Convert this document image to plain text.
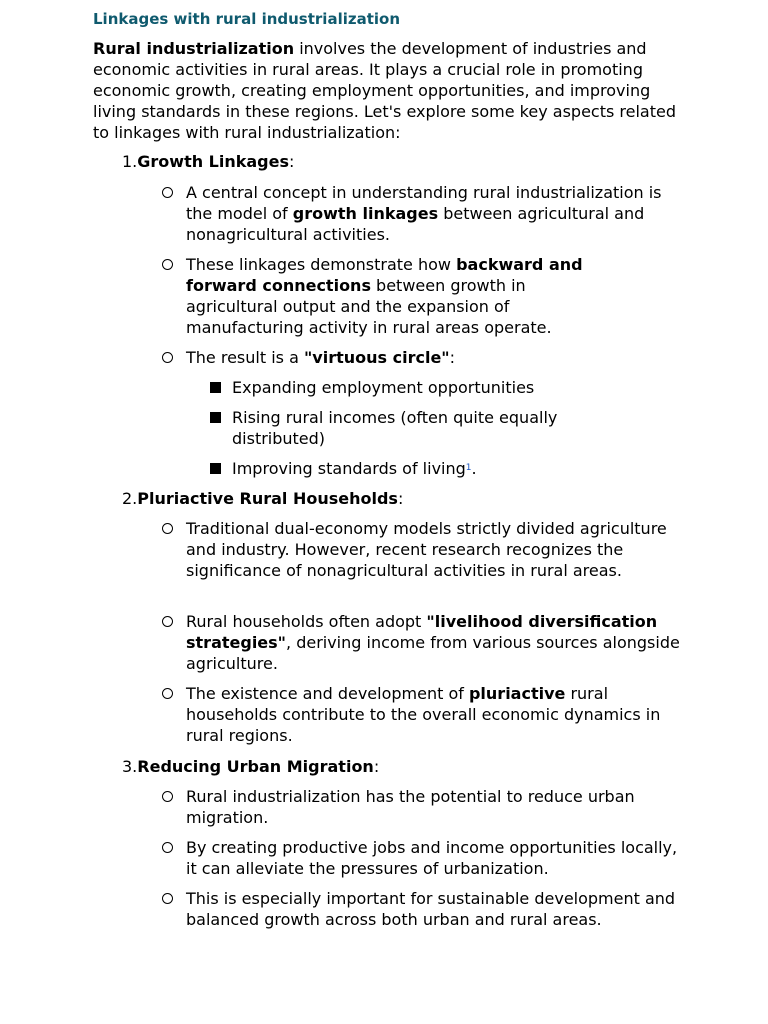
Linkages with rural industrialization

Rural industrialization involves the development of industries and economic activities in rural areas. It plays a crucial role in promoting economic growth, creating employment opportunities, and improving living standards in these regions. Let's explore some key aspects related to linkages with rural industrialization:

1.Growth Linkages:

A central concept in understanding rural industrialization is the model of growth linkages between agricultural and nonagricultural activities.
These linkages demonstrate how backward and forward connections between growth in agricultural output and the expansion of manufacturing activity in rural areas operate.
The result is a "virtuous circle":
Expanding employment opportunities
Rising rural incomes (often quite equally distributed)
Improving standards of living$^1$.

2.Pluriactive Rural Households:

Traditional dual-economy models strictly divided agriculture and industry. However, recent research recognizes the significance of nonagricultural activities in rural areas.
Rural households often adopt "livelihood diversification strategies", deriving income from various sources alongside agriculture.
The existence and development of pluriactive rural households contribute to the overall economic dynamics in rural regions.

3.Reducing Urban Migration:

Rural industrialization has the potential to reduce urban migration.
By creating productive jobs and income opportunities locally, it can alleviate the pressures of urbanization.
This is especially important for sustainable development and balanced growth across both urban and rural areas.
